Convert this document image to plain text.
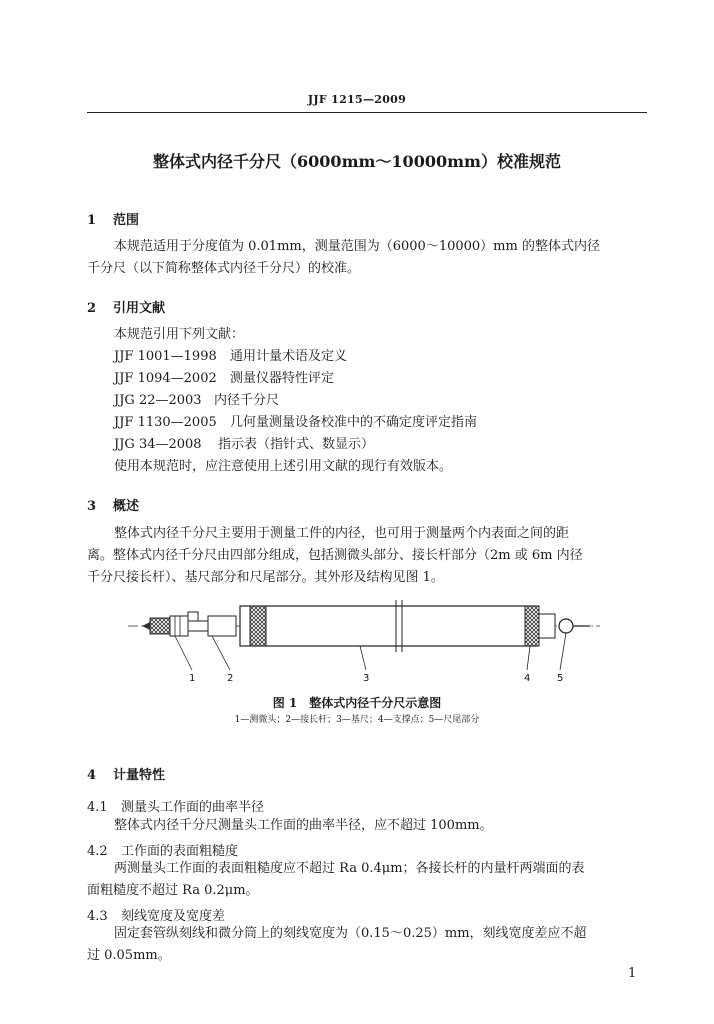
JJF 1215—2009
整体式内径千分尺（6000mm～10000mm）校准规范
1 范围
本规范适用于分度值为 0.01mm，测量范围为（6000～10000）mm 的整体式内径
千分尺（以下简称整体式内径千分尺）的校准。
2 引用文献
本规范引用下列文献：
JJF 1001—1998 通用计量术语及定义
JJF 1094—2002 测量仪器特性评定
JJG 22—2003 内径千分尺
JJF 1130—2005 几何量测量设备校准中的不确定度评定指南
JJG 34—2008 指示表（指针式、数显示）
使用本规范时，应注意使用上述引用文献的现行有效版本。
3 概述
整体式内径千分尺主要用于测量工件的内径，也可用于测量两个内表面之间的距
离。整体式内径千分尺由四部分组成，包括测微头部分、接长杆部分（2m 或 6m 内径
千分尺接长杆）、基尺部分和尺尾部分。其外形及结构见图 1。
1	2	3	4	5
图 1　整体式内径千分尺示意图
1—测微头；2—接长杆；3—基尺；4—支撑点；5—尺尾部分
4 计量特性
4.1 测量头工作面的曲率半径
整体式内径千分尺测量头工作面的曲率半径，应不超过 100mm。
4.2 工作面的表面粗糙度
两测量头工作面的表面粗糙度应不超过 Ra 0.4μm；各接长杆的内量杆两端面的表
面粗糙度不超过 Ra 0.2μm。
4.3 刻线宽度及宽度差
固定套管纵刻线和微分筒上的刻线宽度为（0.15～0.25）mm，刻线宽度差应不超
过 0.05mm。
1
